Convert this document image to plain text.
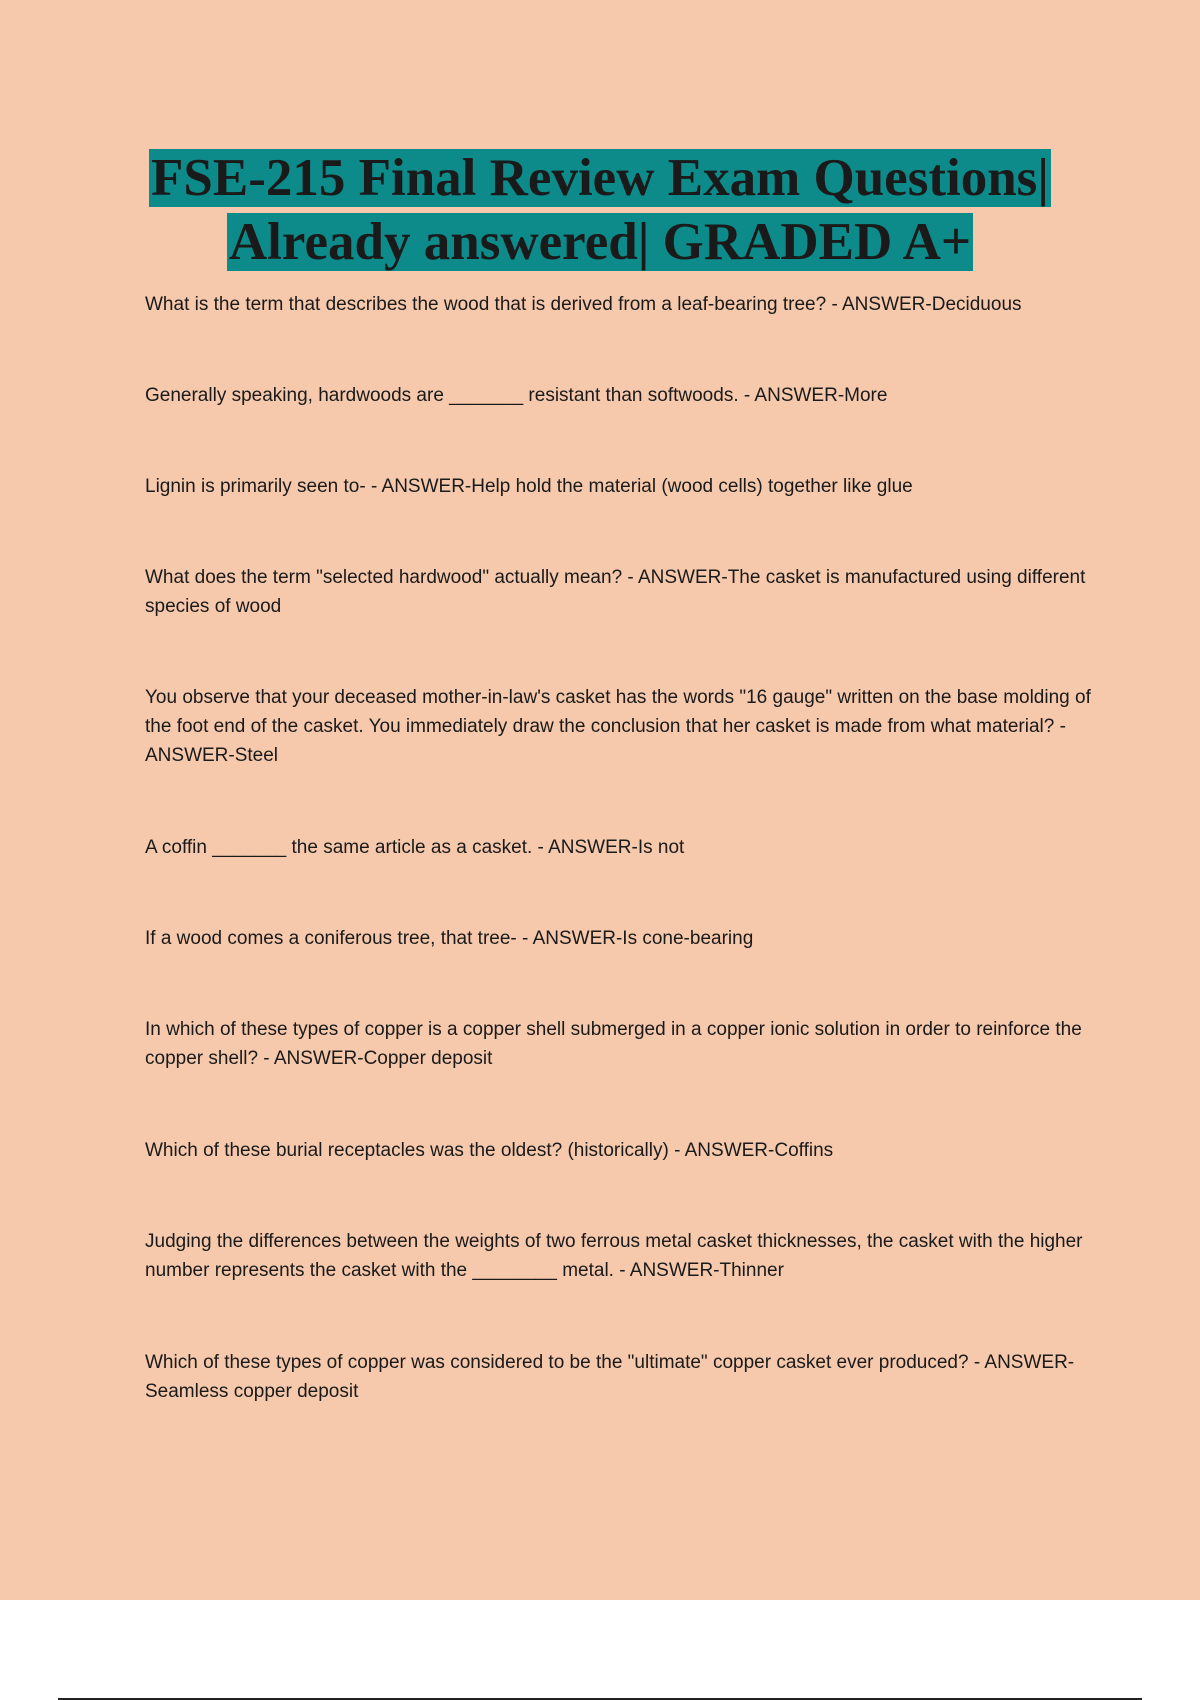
FSE-215 Final Review Exam Questions|
Already answered| GRADED A+

What is the term that describes the wood that is derived from a leaf-bearing tree? - ANSWER-Deciduous

Generally speaking, hardwoods are _______ resistant than softwoods. - ANSWER-More

Lignin is primarily seen to- - ANSWER-Help hold the material (wood cells) together like glue

What does the term "selected hardwood" actually mean? - ANSWER-The casket is manufactured using different species of wood

You observe that your deceased mother-in-law's casket has the words "16 gauge" written on the base molding of the foot end of the casket. You immediately draw the conclusion that her casket is made from what material? - ANSWER-Steel

A coffin _______ the same article as a casket. - ANSWER-Is not

If a wood comes a coniferous tree, that tree- - ANSWER-Is cone-bearing

In which of these types of copper is a copper shell submerged in a copper ionic solution in order to reinforce the copper shell? - ANSWER-Copper deposit

Which of these burial receptacles was the oldest? (historically) - ANSWER-Coffins

Judging the differences between the weights of two ferrous metal casket thicknesses, the casket with the higher number represents the casket with the ________ metal. - ANSWER-Thinner

Which of these types of copper was considered to be the "ultimate" copper casket ever produced? - ANSWER-Seamless copper deposit
